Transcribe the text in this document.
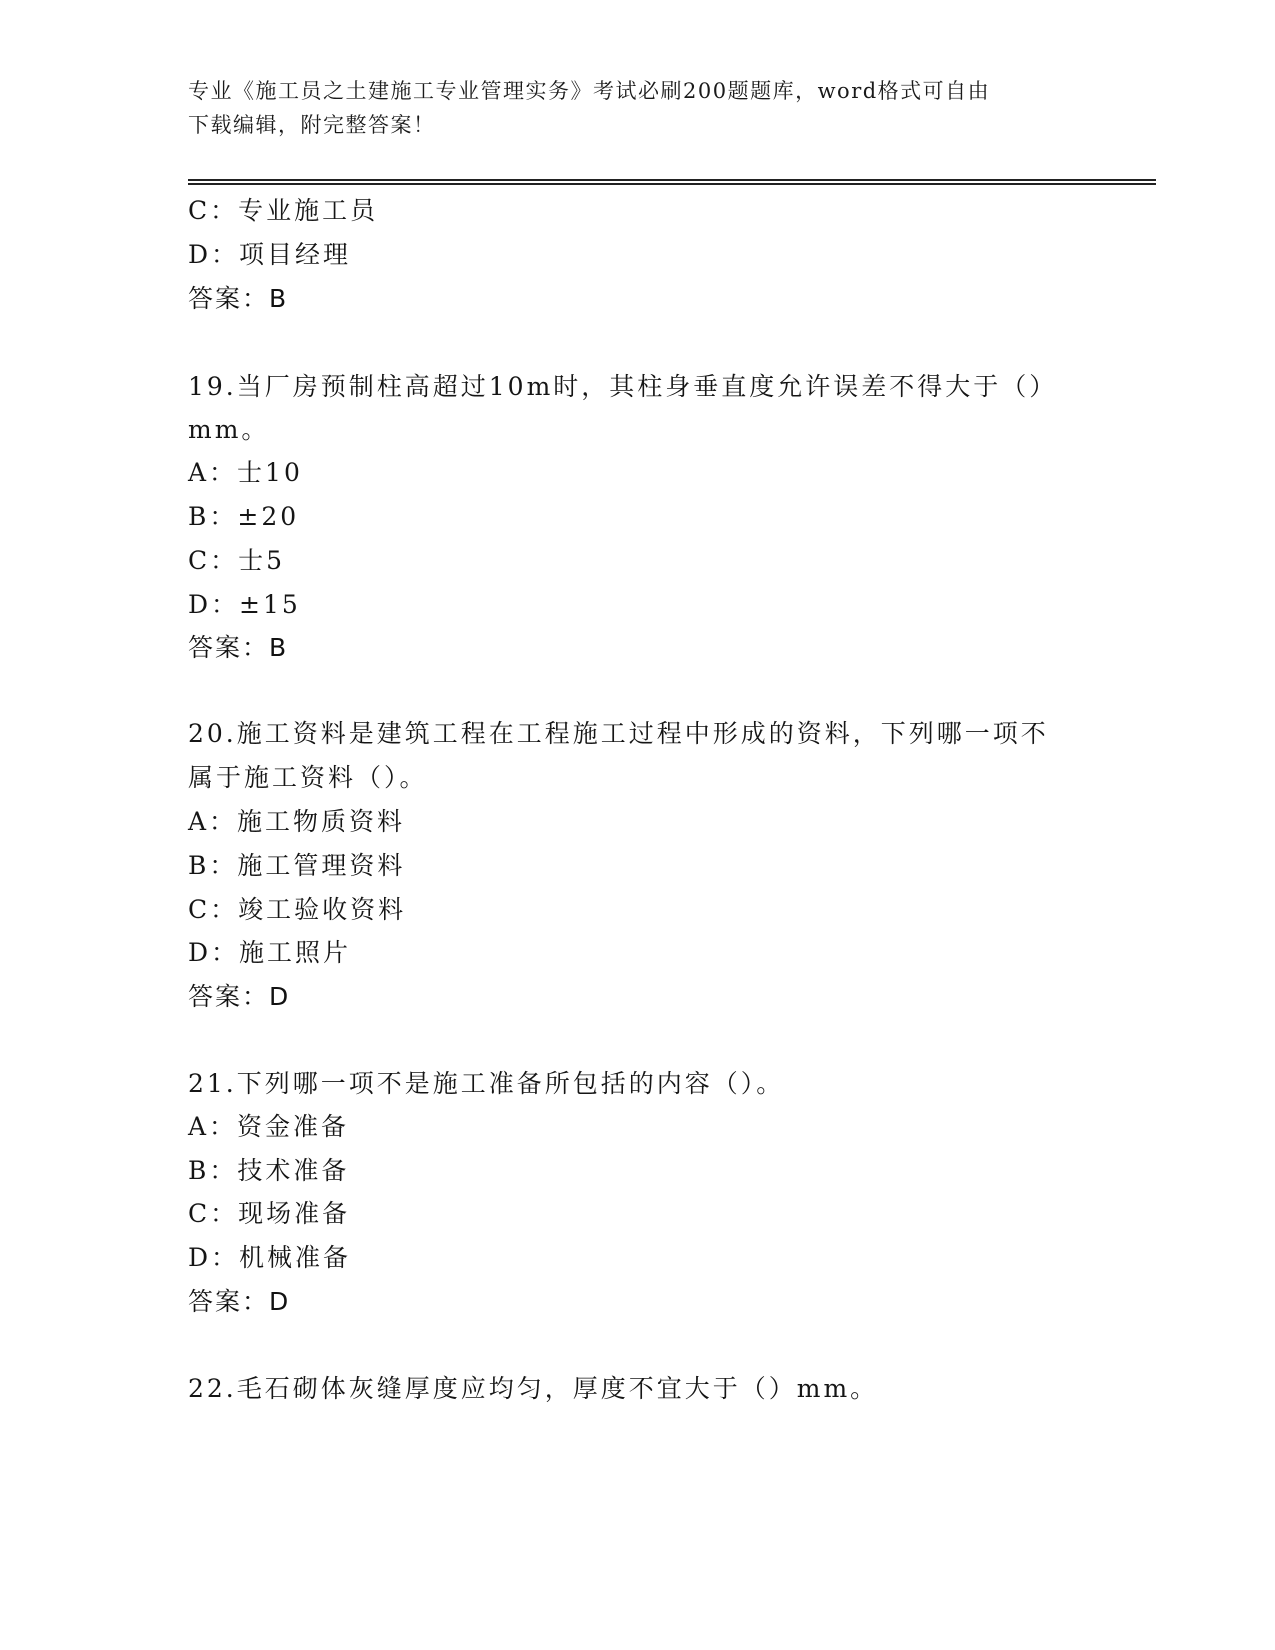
专业《施工员之土建施工专业管理实务》考试必刷200题题库，word格式可自由
下载编辑，附完整答案！
C：专业施工员
D：项目经理
答案：B
19.当厂房预制柱高超过10m时，其柱身垂直度允许误差不得大于（）
mm。
A：士10
B：±20
C：士5
D：±15
答案：B
20.施工资料是建筑工程在工程施工过程中形成的资料，下列哪一项不
属于施工资料（）。
A：施工物质资料
B：施工管理资料
C：竣工验收资料
D：施工照片
答案：D
21.下列哪一项不是施工准备所包括的内容（）。
A：资金准备
B：技术准备
C：现场准备
D：机械准备
答案：D
22.毛石砌体灰缝厚度应均匀，厚度不宜大于（）mm。
